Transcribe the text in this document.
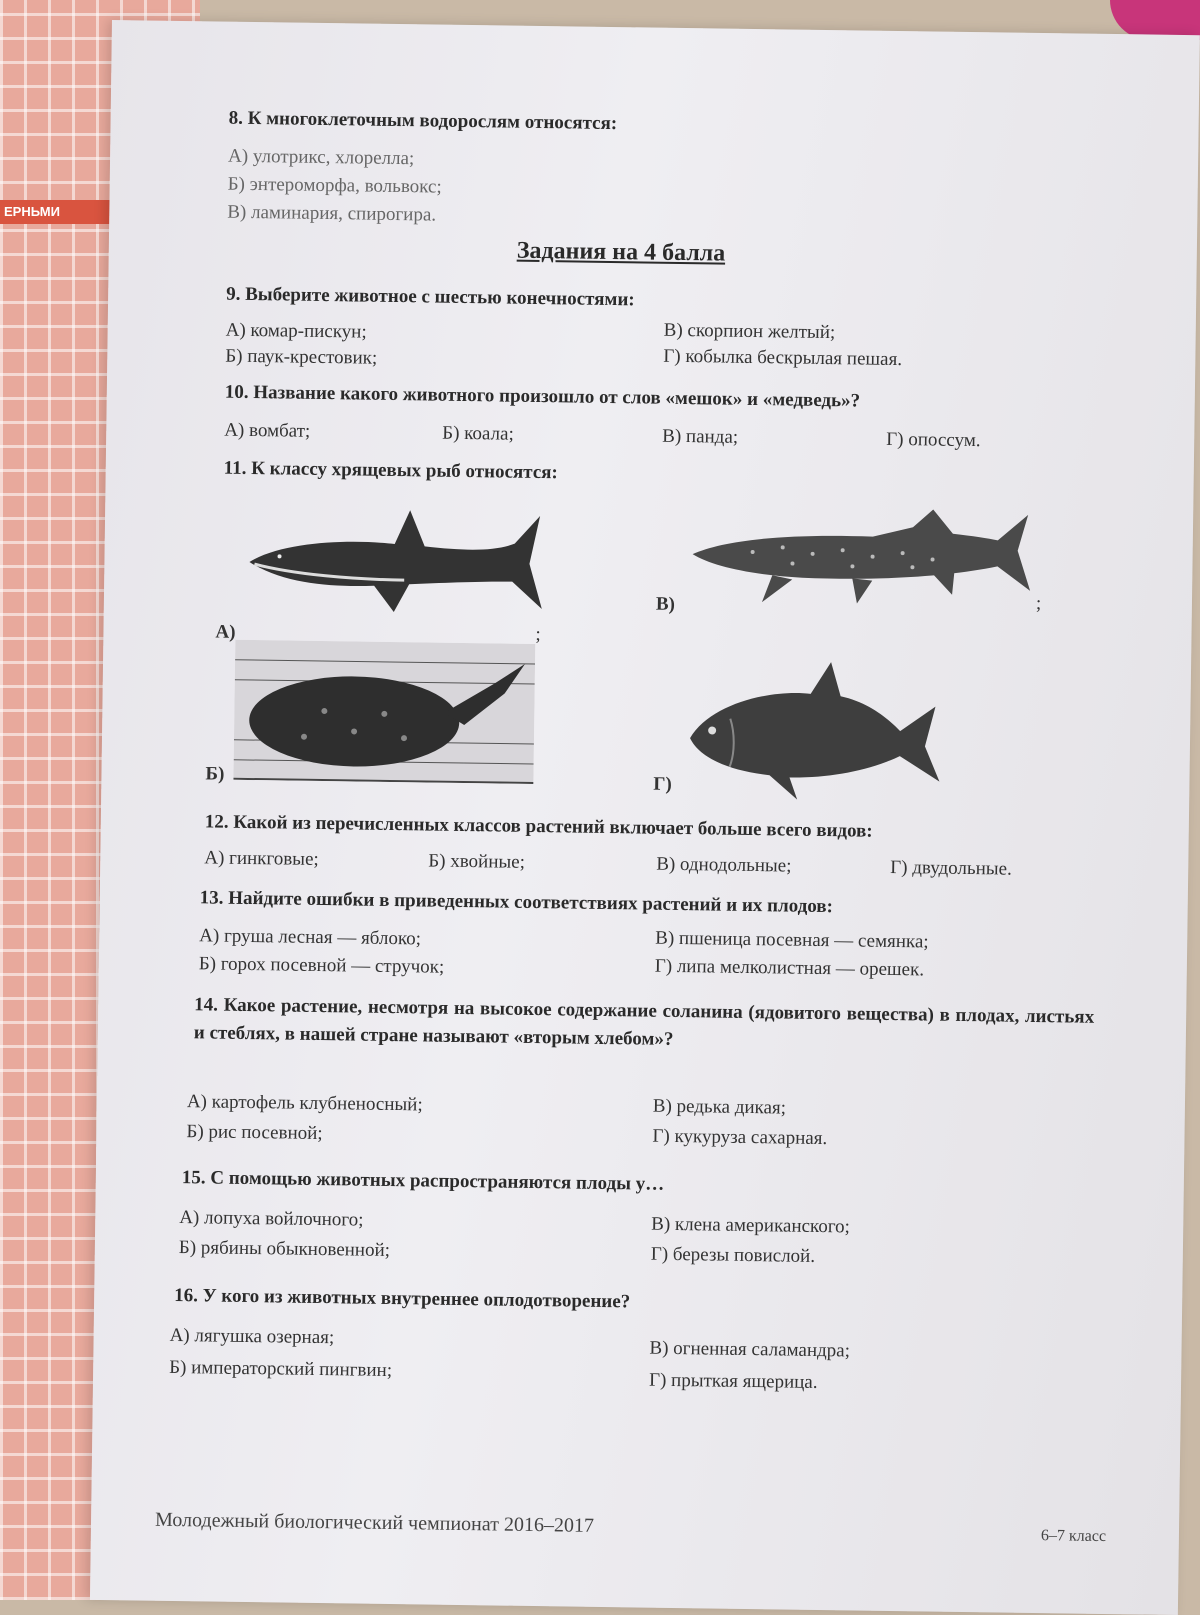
ЕРНЬМИ
8. К многоклеточным водорослям относятся:
А) улотрикс, хлорелла;
Б) энтероморфа, вольвокс;
В) ламинария, спирогира.
Задания на 4 балла
9. Выберите животное с шестью конечностями:
А) комар-пискун;
Б) паук-крестовик;
В) скорпион желтый;
Г) кобылка бескрылая пешая.
10. Название какого животного произошло от слов «мешок» и «медведь»?
А) вомбат;	Б) коала;	В) панда;	Г) опоссум.
11. К классу хрящевых рыб относятся:
А)	;
Б)
В)	;
Г)
12. Какой из перечисленных классов растений включает больше всего видов:
А) гинкговые;	Б) хвойные;	В) однодольные;	Г) двудольные.
13. Найдите ошибки в приведенных соответствиях растений и их плодов:
А) груша лесная — яблоко;
Б) горох посевной — стручок;
В) пшеница посевная — семянка;
Г) липа мелколистная — орешек.
14. Какое растение, несмотря на высокое содержание соланина (ядовитого вещества) в плодах, листьях и стеблях, в нашей стране называют «вторым хлебом»?
А) картофель клубненосный;
Б) рис посевной;
В) редька дикая;
Г) кукуруза сахарная.
15. С помощью животных распространяются плоды у…
А) лопуха войлочного;
Б) рябины обыкновенной;
В) клена американского;
Г) березы повислой.
16. У кого из животных внутреннее оплодотворение?
А) лягушка озерная;
Б) императорский пингвин;
В) огненная саламандра;
Г) прыткая ящерица.
Молодежный биологический чемпионат 2016–2017	6–7 класс
